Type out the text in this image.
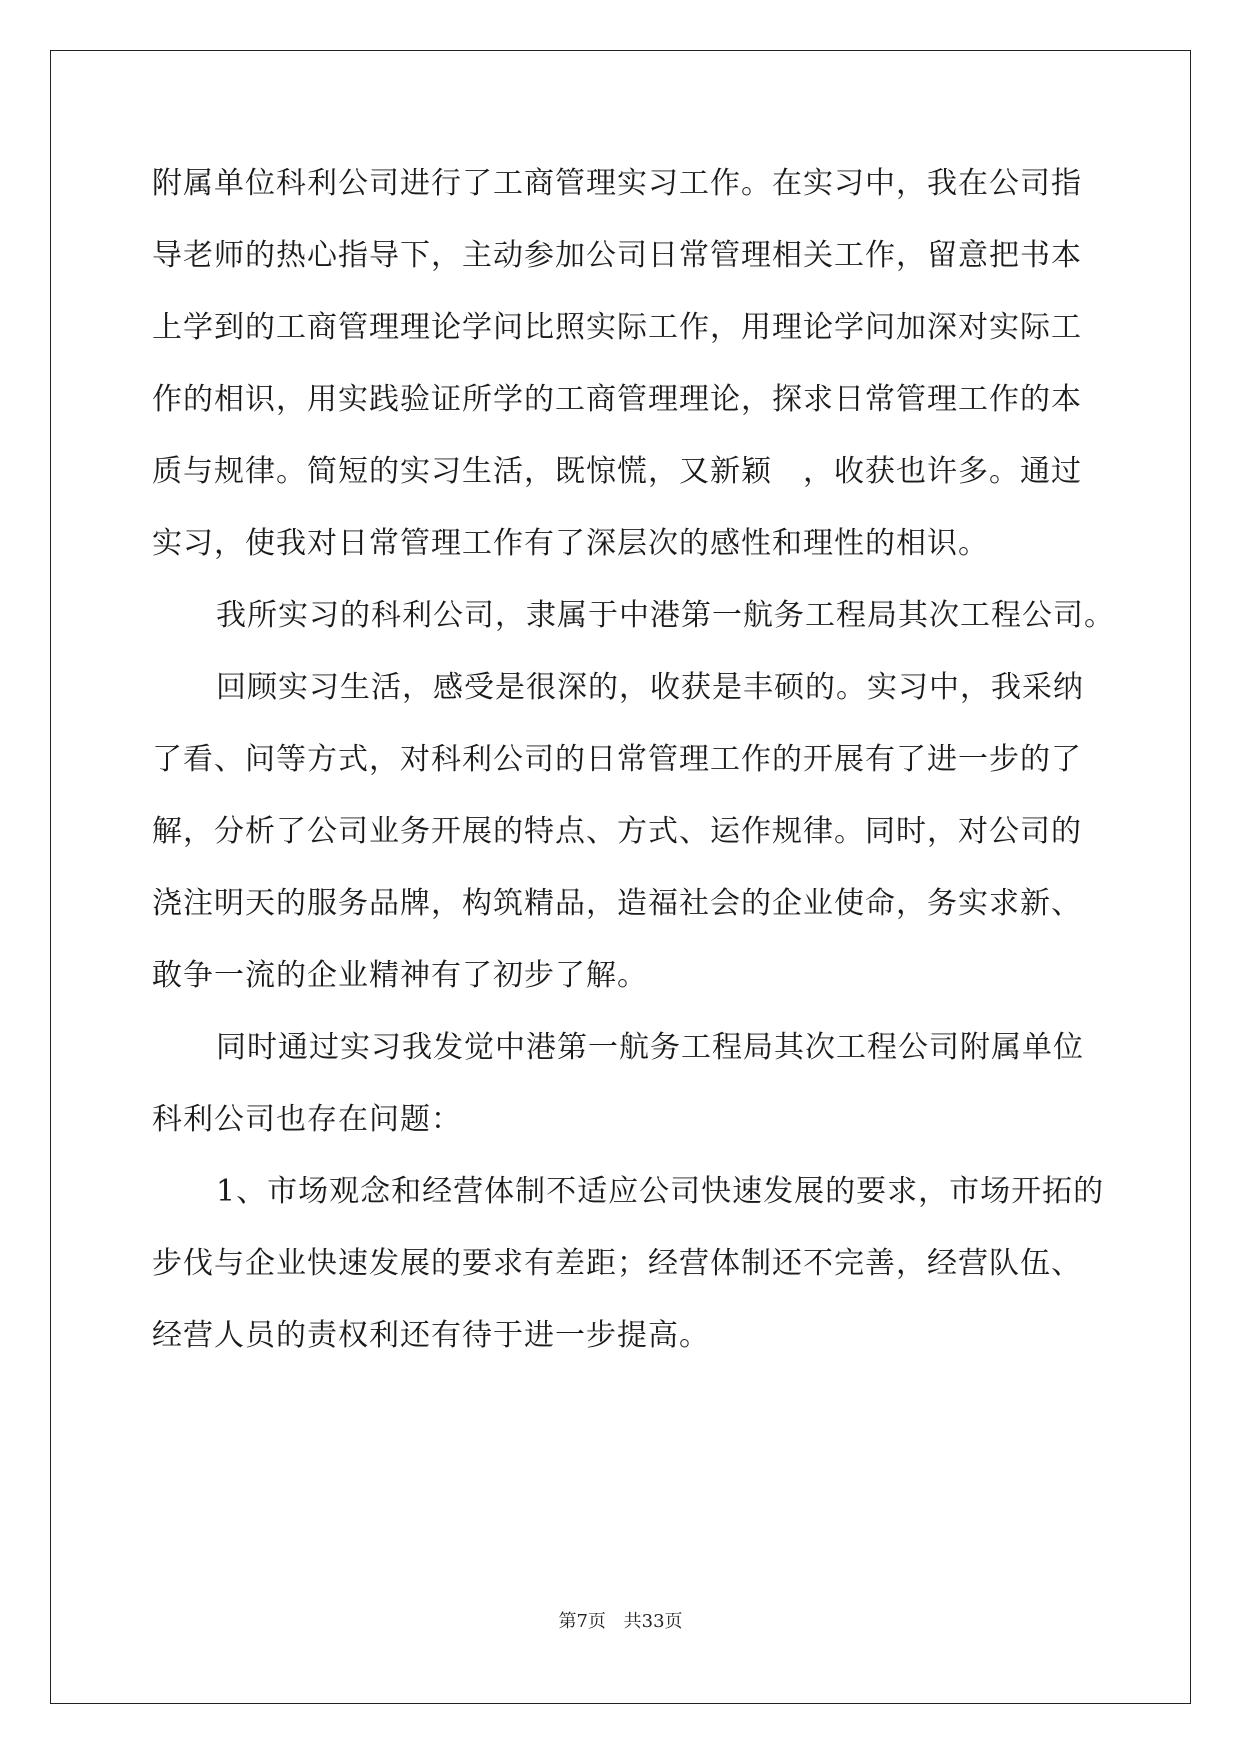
附属单位科利公司进行了工商管理实习工作。在实习中，我在公司指
导老师的热心指导下，主动参加公司日常管理相关工作，留意把书本
上学到的工商管理理论学问比照实际工作，用理论学问加深对实际工
作的相识，用实践验证所学的工商管理理论，探求日常管理工作的本
质与规律。简短的实习生活，既惊慌，又新颖　，收获也许多。通过
实习，使我对日常管理工作有了深层次的感性和理性的相识。
我所实习的科利公司，隶属于中港第一航务工程局其次工程公司。
回顾实习生活，感受是很深的，收获是丰硕的。实习中，我采纳
了看、问等方式，对科利公司的日常管理工作的开展有了进一步的了
解，分析了公司业务开展的特点、方式、运作规律。同时，对公司的
浇注明天的服务品牌，构筑精品，造福社会的企业使命，务实求新、
敢争一流的企业精神有了初步了解。
同时通过实习我发觉中港第一航务工程局其次工程公司附属单位
科利公司也存在问题：
1、市场观念和经营体制不适应公司快速发展的要求，市场开拓的
步伐与企业快速发展的要求有差距；经营体制还不完善，经营队伍、
经营人员的责权利还有待于进一步提高。
第7页 共33页
